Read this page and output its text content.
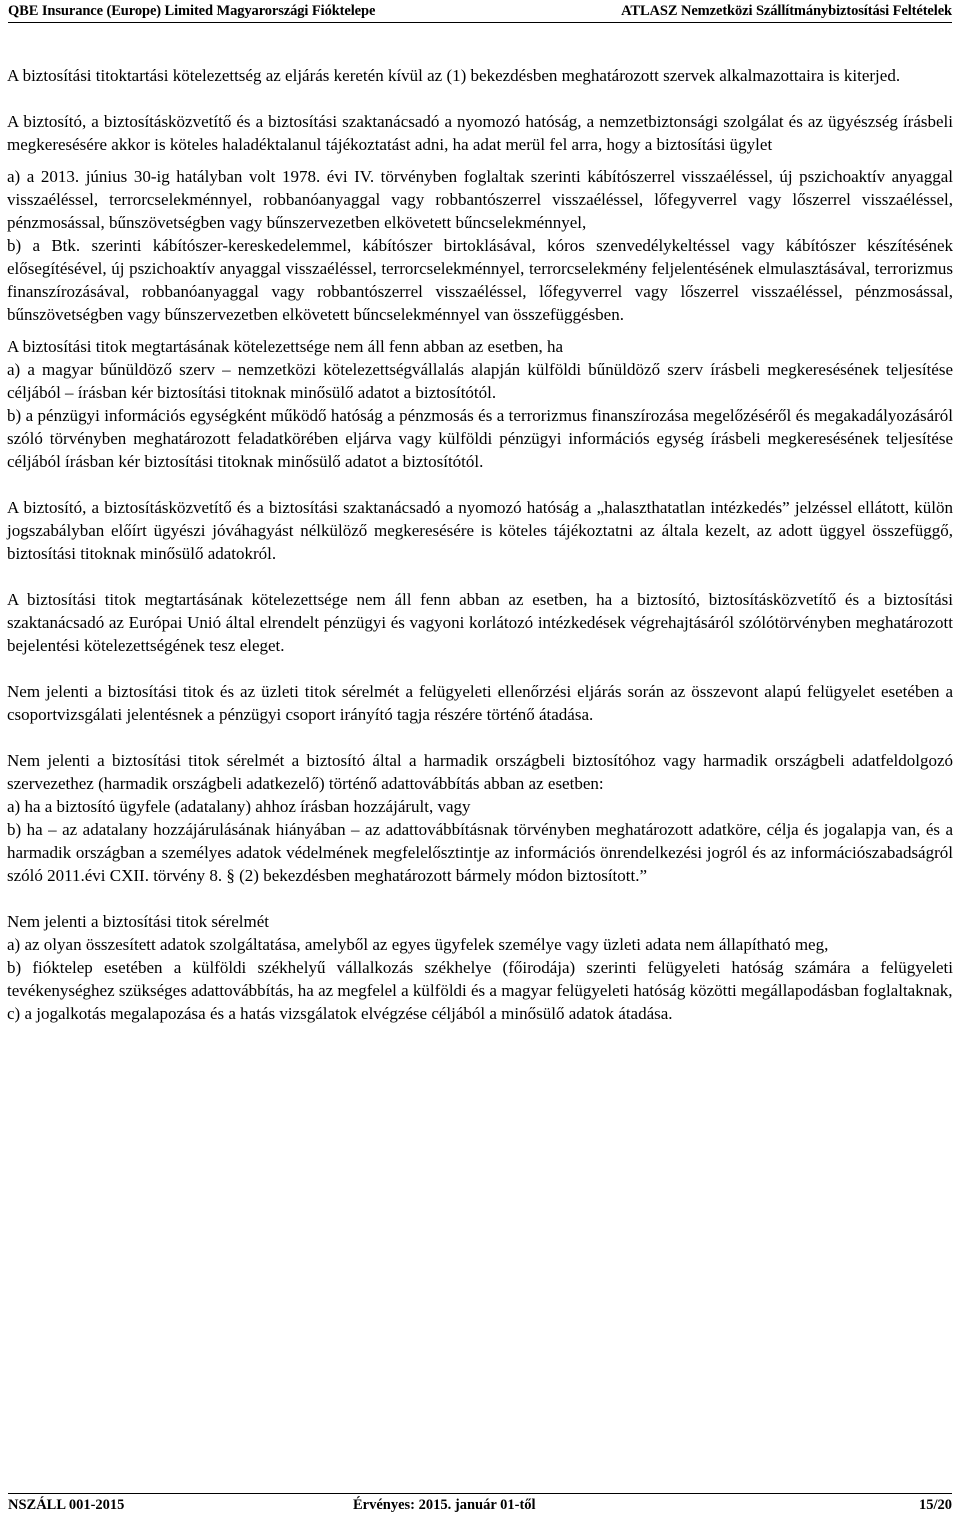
QBE Insurance (Europe) Limited Magyarországi Fióktelepe	ATLASZ Nemzetközi Szállítmánybiztosítási Feltételek

A biztosítási titoktartási kötelezettség az eljárás keretén kívül az (1) bekezdésben meghatározott szervek alkalmazottaira is kiterjed.

A biztosító, a biztosításközvetítő és a biztosítási szaktanácsadó a nyomozó hatóság, a nemzetbiztonsági szolgálat és az ügyészség írásbeli megkeresésére akkor is köteles haladéktalanul tájékoztatást adni, ha adat merül fel arra, hogy a biztosítási ügylet

a) a 2013. június 30-ig hatályban volt 1978. évi IV. törvényben foglaltak szerinti kábítószerrel visszaéléssel, új pszichoaktív anyaggal visszaéléssel, terrorcselekménnyel, robbanóanyaggal vagy robbantószerrel visszaéléssel, lőfegyverrel vagy lőszerrel visszaéléssel, pénzmosással, bűnszövetségben vagy bűnszervezetben elkövetett bűncselekménnyel,

b) a Btk. szerinti kábítószer-kereskedelemmel, kábítószer birtoklásával, kóros szenvedélykeltéssel vagy kábítószer készítésének elősegítésével, új pszichoaktív anyaggal visszaéléssel, terrorcselekménnyel, terrorcselekmény feljelentésének elmulasztásával, terrorizmus finanszírozásával, robbanóanyaggal vagy robbantószerrel visszaéléssel, lőfegyverrel vagy lőszerrel visszaéléssel, pénzmosással, bűnszövetségben vagy bűnszervezetben elkövetett bűncselekménnyel van összefüggésben.

A biztosítási titok megtartásának kötelezettsége nem áll fenn abban az esetben, ha

a) a magyar bűnüldöző szerv – nemzetközi kötelezettségvállalás alapján külföldi bűnüldöző szerv írásbeli megkeresésének teljesítése céljából – írásban kér biztosítási titoknak minősülő adatot a biztosítótól.

b) a pénzügyi információs egységként működő hatóság a pénzmosás és a terrorizmus finanszírozása megelőzéséről és megakadályozásáról szóló törvényben meghatározott feladatkörében eljárva vagy külföldi pénzügyi információs egység írásbeli megkeresésének teljesítése céljából írásban kér biztosítási titoknak minősülő adatot a biztosítótól.

A biztosító, a biztosításközvetítő és a biztosítási szaktanácsadó a nyomozó hatóság a „halaszthatatlan intézkedés” jelzéssel ellátott, külön jogszabályban előírt ügyészi jóváhagyást nélkülöző megkeresésére is köteles tájékoztatni az általa kezelt, az adott üggyel összefüggő, biztosítási titoknak minősülő adatokról.

A biztosítási titok megtartásának kötelezettsége nem áll fenn abban az esetben, ha a biztosító, biztosításközvetítő és a biztosítási szaktanácsadó az Európai Unió által elrendelt pénzügyi és vagyoni korlátozó intézkedések végrehajtásáról szólótörvényben meghatározott bejelentési kötelezettségének tesz eleget.

Nem jelenti a biztosítási titok és az üzleti titok sérelmét a felügyeleti ellenőrzési eljárás során az összevont alapú felügyelet esetében a csoportvizsgálati jelentésnek a pénzügyi csoport irányító tagja részére történő átadása.

Nem jelenti a biztosítási titok sérelmét a biztosító által a harmadik országbeli biztosítóhoz vagy harmadik országbeli adatfeldolgozó szervezethez (harmadik országbeli adatkezelő) történő adattovábbítás abban az esetben:

a) ha a biztosító ügyfele (adatalany) ahhoz írásban hozzájárult, vagy

b) ha – az adatalany hozzájárulásának hiányában – az adattovábbításnak törvényben meghatározott adatköre, célja és jogalapja van, és a harmadik országban a személyes adatok védelmének megfelelősztintje az információs önrendelkezési jogról és az információszabadságról szóló 2011.évi CXII. törvény 8. § (2) bekezdésben meghatározott bármely módon biztosított.”

Nem jelenti a biztosítási titok sérelmét

a) az olyan összesített adatok szolgáltatása, amelyből az egyes ügyfelek személye vagy üzleti adata nem állapítható meg,

b) fióktelep esetében a külföldi székhelyű vállalkozás székhelye (főirodája) szerinti felügyeleti hatóság számára a felügyeleti tevékenységhez szükséges adattovábbítás, ha az megfelel a külföldi és a magyar felügyeleti hatóság közötti megállapodásban foglaltaknak,

c) a jogalkotás megalapozása és a hatás vizsgálatok elvégzése céljából a minősülő adatok átadása.

NSZÁLL 001-2015	Érvényes: 2015. január 01-től	15/20
